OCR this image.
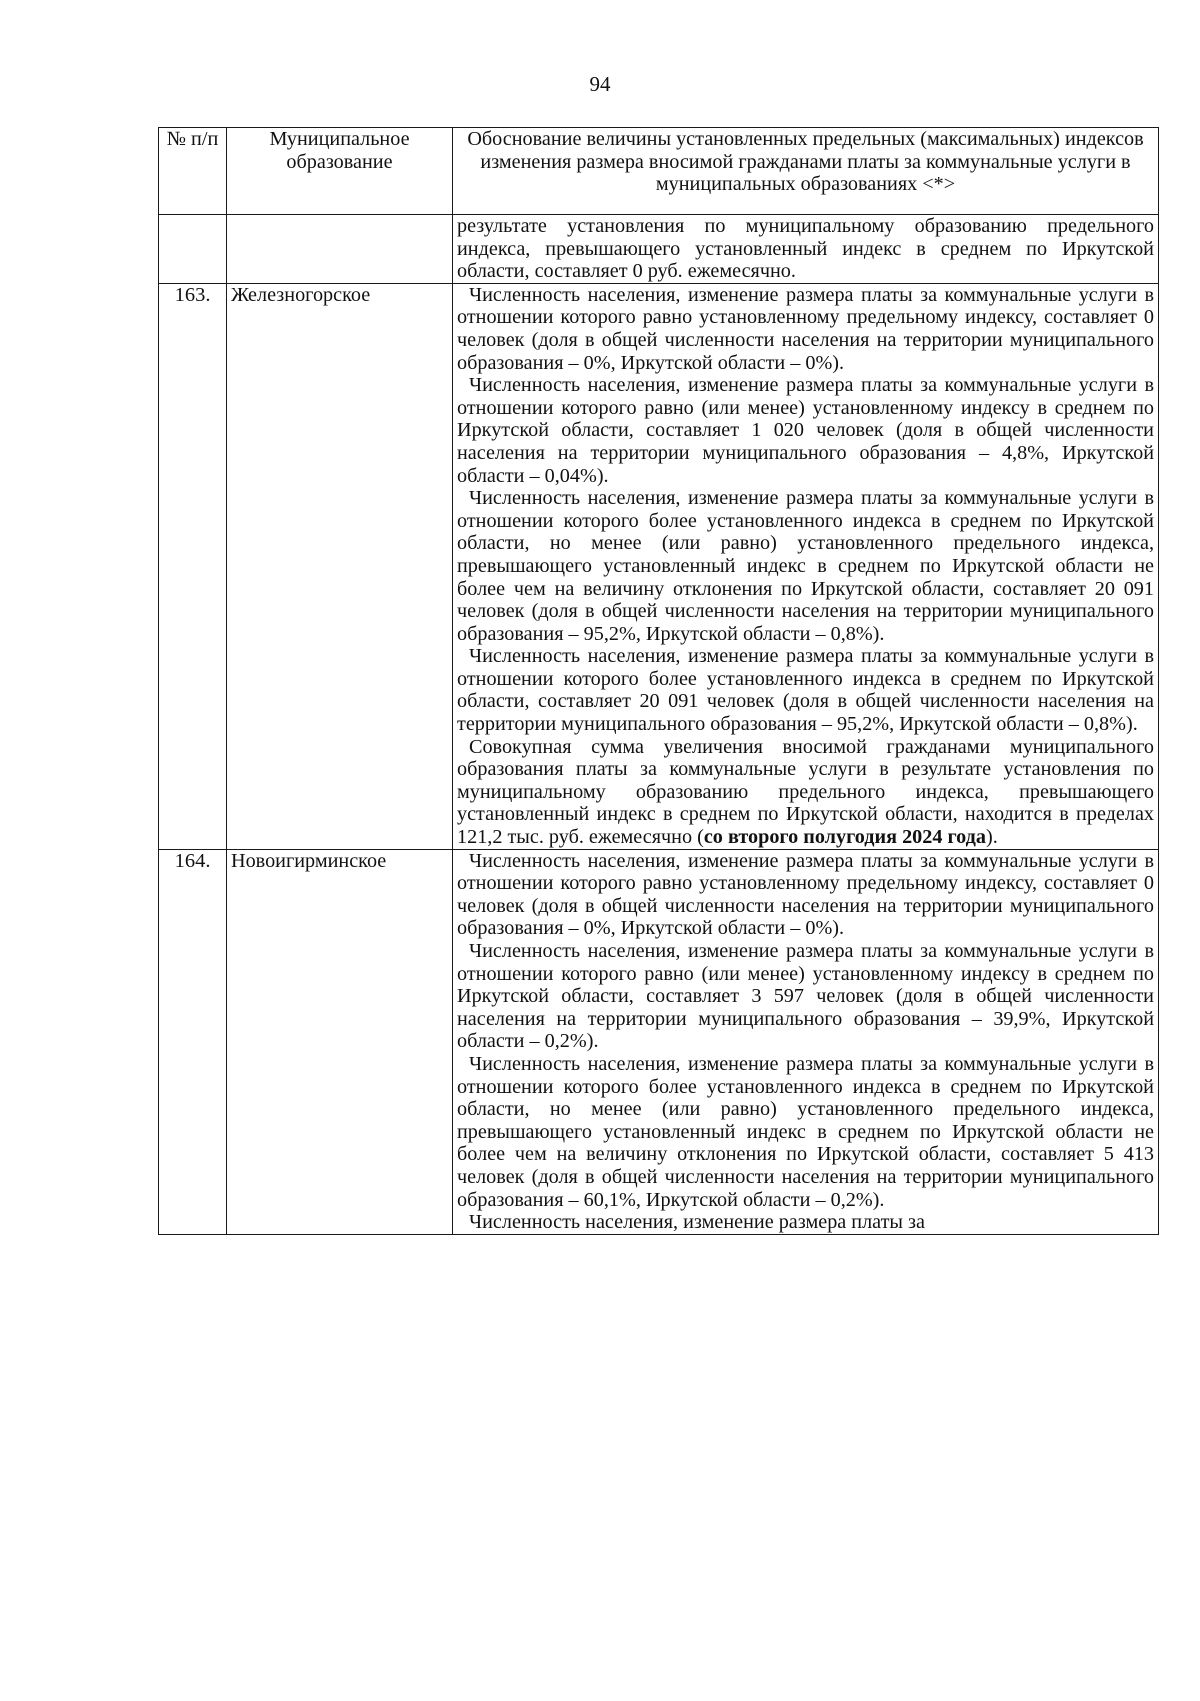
94
№ п/п	Муниципальное образование	Обоснование величины установленных предельных (максимальных) индексов изменения размера вносимой гражданами платы за коммунальные услуги в муниципальных образованиях <*>

		результате установления по муниципальному образованию предельного индекса, превышающего установленный индекс в среднем по Иркутской области, составляет 0 руб. ежемесячно.

163.	Железногорское	Численность населения, изменение размера платы за коммунальные услуги в отношении которого равно установленному предельному индексу, составляет 0 человек (доля в общей численности населения на территории муниципального образования – 0%, Иркутской области – 0%).

Численность населения, изменение размера платы за коммунальные услуги в отношении которого равно (или менее) установленному индексу в среднем по Иркутской области, составляет 1 020 человек (доля в общей численности населения на территории муниципального образования – 4,8%, Иркутской области – 0,04%).

Численность населения, изменение размера платы за коммунальные услуги в отношении которого более установленного индекса в среднем по Иркутской области, но менее (или равно) установленного предельного индекса, превышающего установленный индекс в среднем по Иркутской области не более чем на величину отклонения по Иркутской области, составляет 20 091 человек (доля в общей численности населения на территории муниципального образования – 95,2%, Иркутской области – 0,8%).

Численность населения, изменение размера платы за коммунальные услуги в отношении которого более установленного индекса в среднем по Иркутской области, составляет 20 091 человек (доля в общей численности населения на территории муниципального образования – 95,2%, Иркутской области – 0,8%).

Совокупная сумма увеличения вносимой гражданами муниципального образования платы за коммунальные услуги в результате установления по муниципальному образованию предельного индекса, превышающего установленный индекс в среднем по Иркутской области, находится в пределах 121,2 тыс. руб. ежемесячно (со второго полугодия 2024 года).

164.	Новоигирминское	Численность населения, изменение размера платы за коммунальные услуги в отношении которого равно установленному предельному индексу, составляет 0 человек (доля в общей численности населения на территории муниципального образования – 0%, Иркутской области – 0%).

Численность населения, изменение размера платы за коммунальные услуги в отношении которого равно (или менее) установленному индексу в среднем по Иркутской области, составляет 3 597 человек (доля в общей численности населения на территории муниципального образования – 39,9%, Иркутской области – 0,2%).

Численность населения, изменение размера платы за коммунальные услуги в отношении которого более установленного индекса в среднем по Иркутской области, но менее (или равно) установленного предельного индекса, превышающего установленный индекс в среднем по Иркутской области не более чем на величину отклонения по Иркутской области, составляет 5 413 человек (доля в общей численности населения на территории муниципального образования – 60,1%, Иркутской области – 0,2%).

Численность населения, изменение размера платы за
